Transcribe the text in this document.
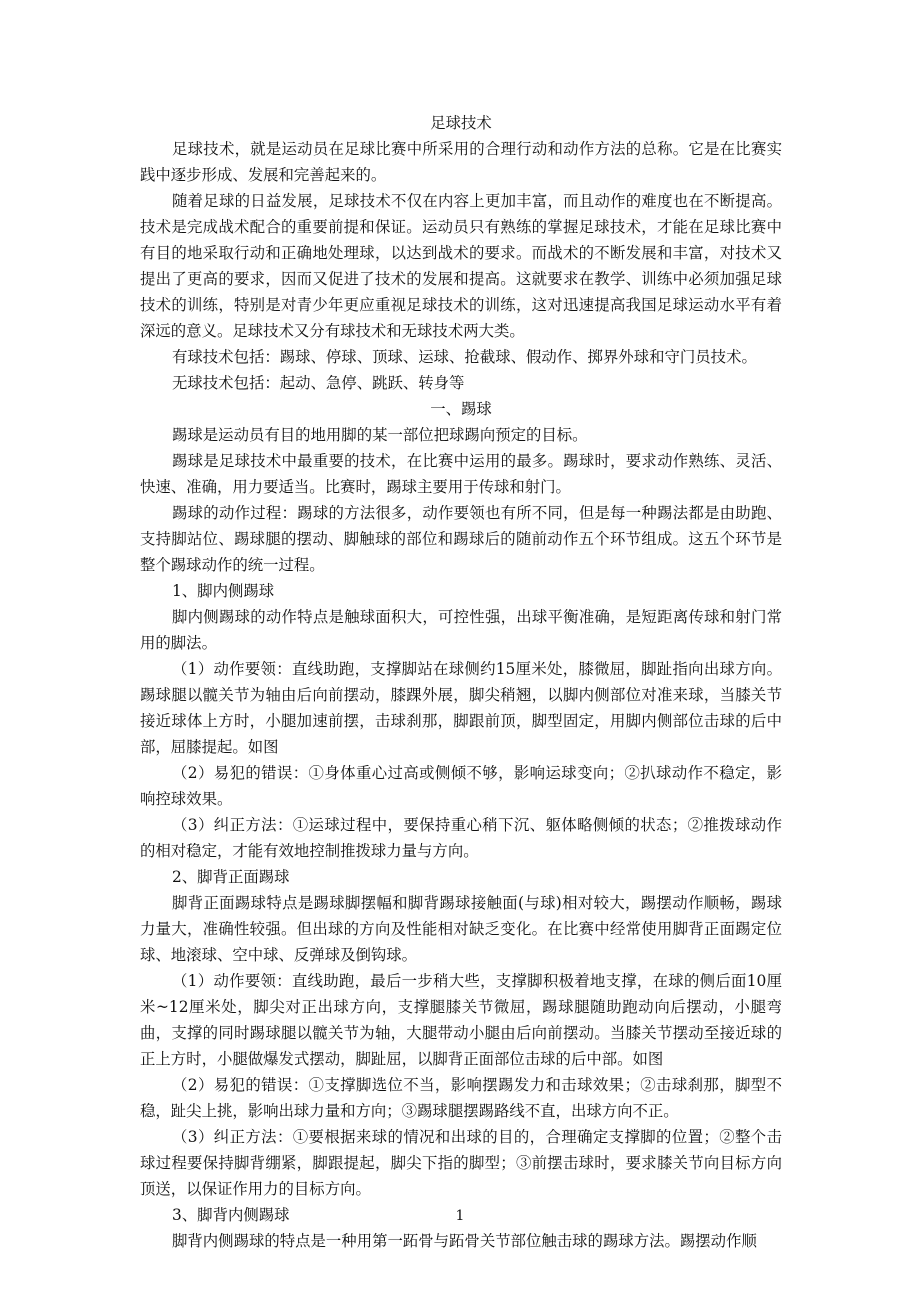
足球技术

足球技术，就是运动员在足球比赛中所采用的合理行动和动作方法的总称。它是在比赛实践中逐步形成、发展和完善起来的。

随着足球的日益发展，足球技术不仅在内容上更加丰富，而且动作的难度也在不断提高。技术是完成战术配合的重要前提和保证。运动员只有熟练的掌握足球技术，才能在足球比赛中有目的地采取行动和正确地处理球，以达到战术的要求。而战术的不断发展和丰富，对技术又提出了更高的要求，因而又促进了技术的发展和提高。这就要求在教学、训练中必须加强足球技术的训练，特别是对青少年更应重视足球技术的训练，这对迅速提高我国足球运动水平有着深远的意义。足球技术又分有球技术和无球技术两大类。

有球技术包括：踢球、停球、顶球、运球、抢截球、假动作、掷界外球和守门员技术。

无球技术包括：起动、急停、跳跃、转身等

一、踢球

踢球是运动员有目的地用脚的某一部位把球踢向预定的目标。

踢球是足球技术中最重要的技术，在比赛中运用的最多。踢球时，要求动作熟练、灵活、快速、准确，用力要适当。比赛时，踢球主要用于传球和射门。

踢球的动作过程：踢球的方法很多，动作要领也有所不同，但是每一种踢法都是由助跑、支持脚站位、踢球腿的摆动、脚触球的部位和踢球后的随前动作五个环节组成。这五个环节是整个踢球动作的统一过程。

1、脚内侧踢球

脚内侧踢球的动作特点是触球面积大，可控性强，出球平衡准确，是短距离传球和射门常用的脚法。

（1）动作要领：直线助跑，支撑脚站在球侧约15厘米处，膝微屈，脚趾指向出球方向。踢球腿以髋关节为轴由后向前摆动，膝踝外展，脚尖稍翘，以脚内侧部位对准来球，当膝关节接近球体上方时，小腿加速前摆，击球刹那，脚跟前顶，脚型固定，用脚内侧部位击球的后中部，屈膝提起。如图

（2）易犯的错误：①身体重心过高或侧倾不够，影响运球变向；②扒球动作不稳定，影响控球效果。

（3）纠正方法：①运球过程中，要保持重心稍下沉、躯体略侧倾的状态；②推拨球动作的相对稳定，才能有效地控制推拨球力量与方向。

2、脚背正面踢球

脚背正面踢球特点是踢球脚摆幅和脚背踢球接触面(与球)相对较大，踢摆动作顺畅，踢球力量大，准确性较强。但出球的方向及性能相对缺乏变化。在比赛中经常使用脚背正面踢定位球、地滚球、空中球、反弹球及倒钩球。

（1）动作要领：直线助跑，最后一步稍大些，支撑脚积极着地支撑，在球的侧后面10厘米~12厘米处，脚尖对正出球方向，支撑腿膝关节微屈，踢球腿随助跑动向后摆动，小腿弯曲，支撑的同时踢球腿以髋关节为轴，大腿带动小腿由后向前摆动。当膝关节摆动至接近球的正上方时，小腿做爆发式摆动，脚趾屈，以脚背正面部位击球的后中部。如图

（2）易犯的错误：①支撑脚选位不当，影响摆踢发力和击球效果；②击球刹那，脚型不稳，趾尖上挑，影响出球力量和方向；③踢球腿摆踢路线不直，出球方向不正。

（3）纠正方法：①要根据来球的情况和出球的目的，合理确定支撑脚的位置；②整个击球过程要保持脚背绷紧，脚跟提起，脚尖下指的脚型；③前摆击球时，要求膝关节向目标方向顶送，以保证作用力的目标方向。

3、脚背内侧踢球

脚背内侧踢球的特点是一种用第一跖骨与跖骨关节部位触击球的踢球方法。踢摆动作顺

1
